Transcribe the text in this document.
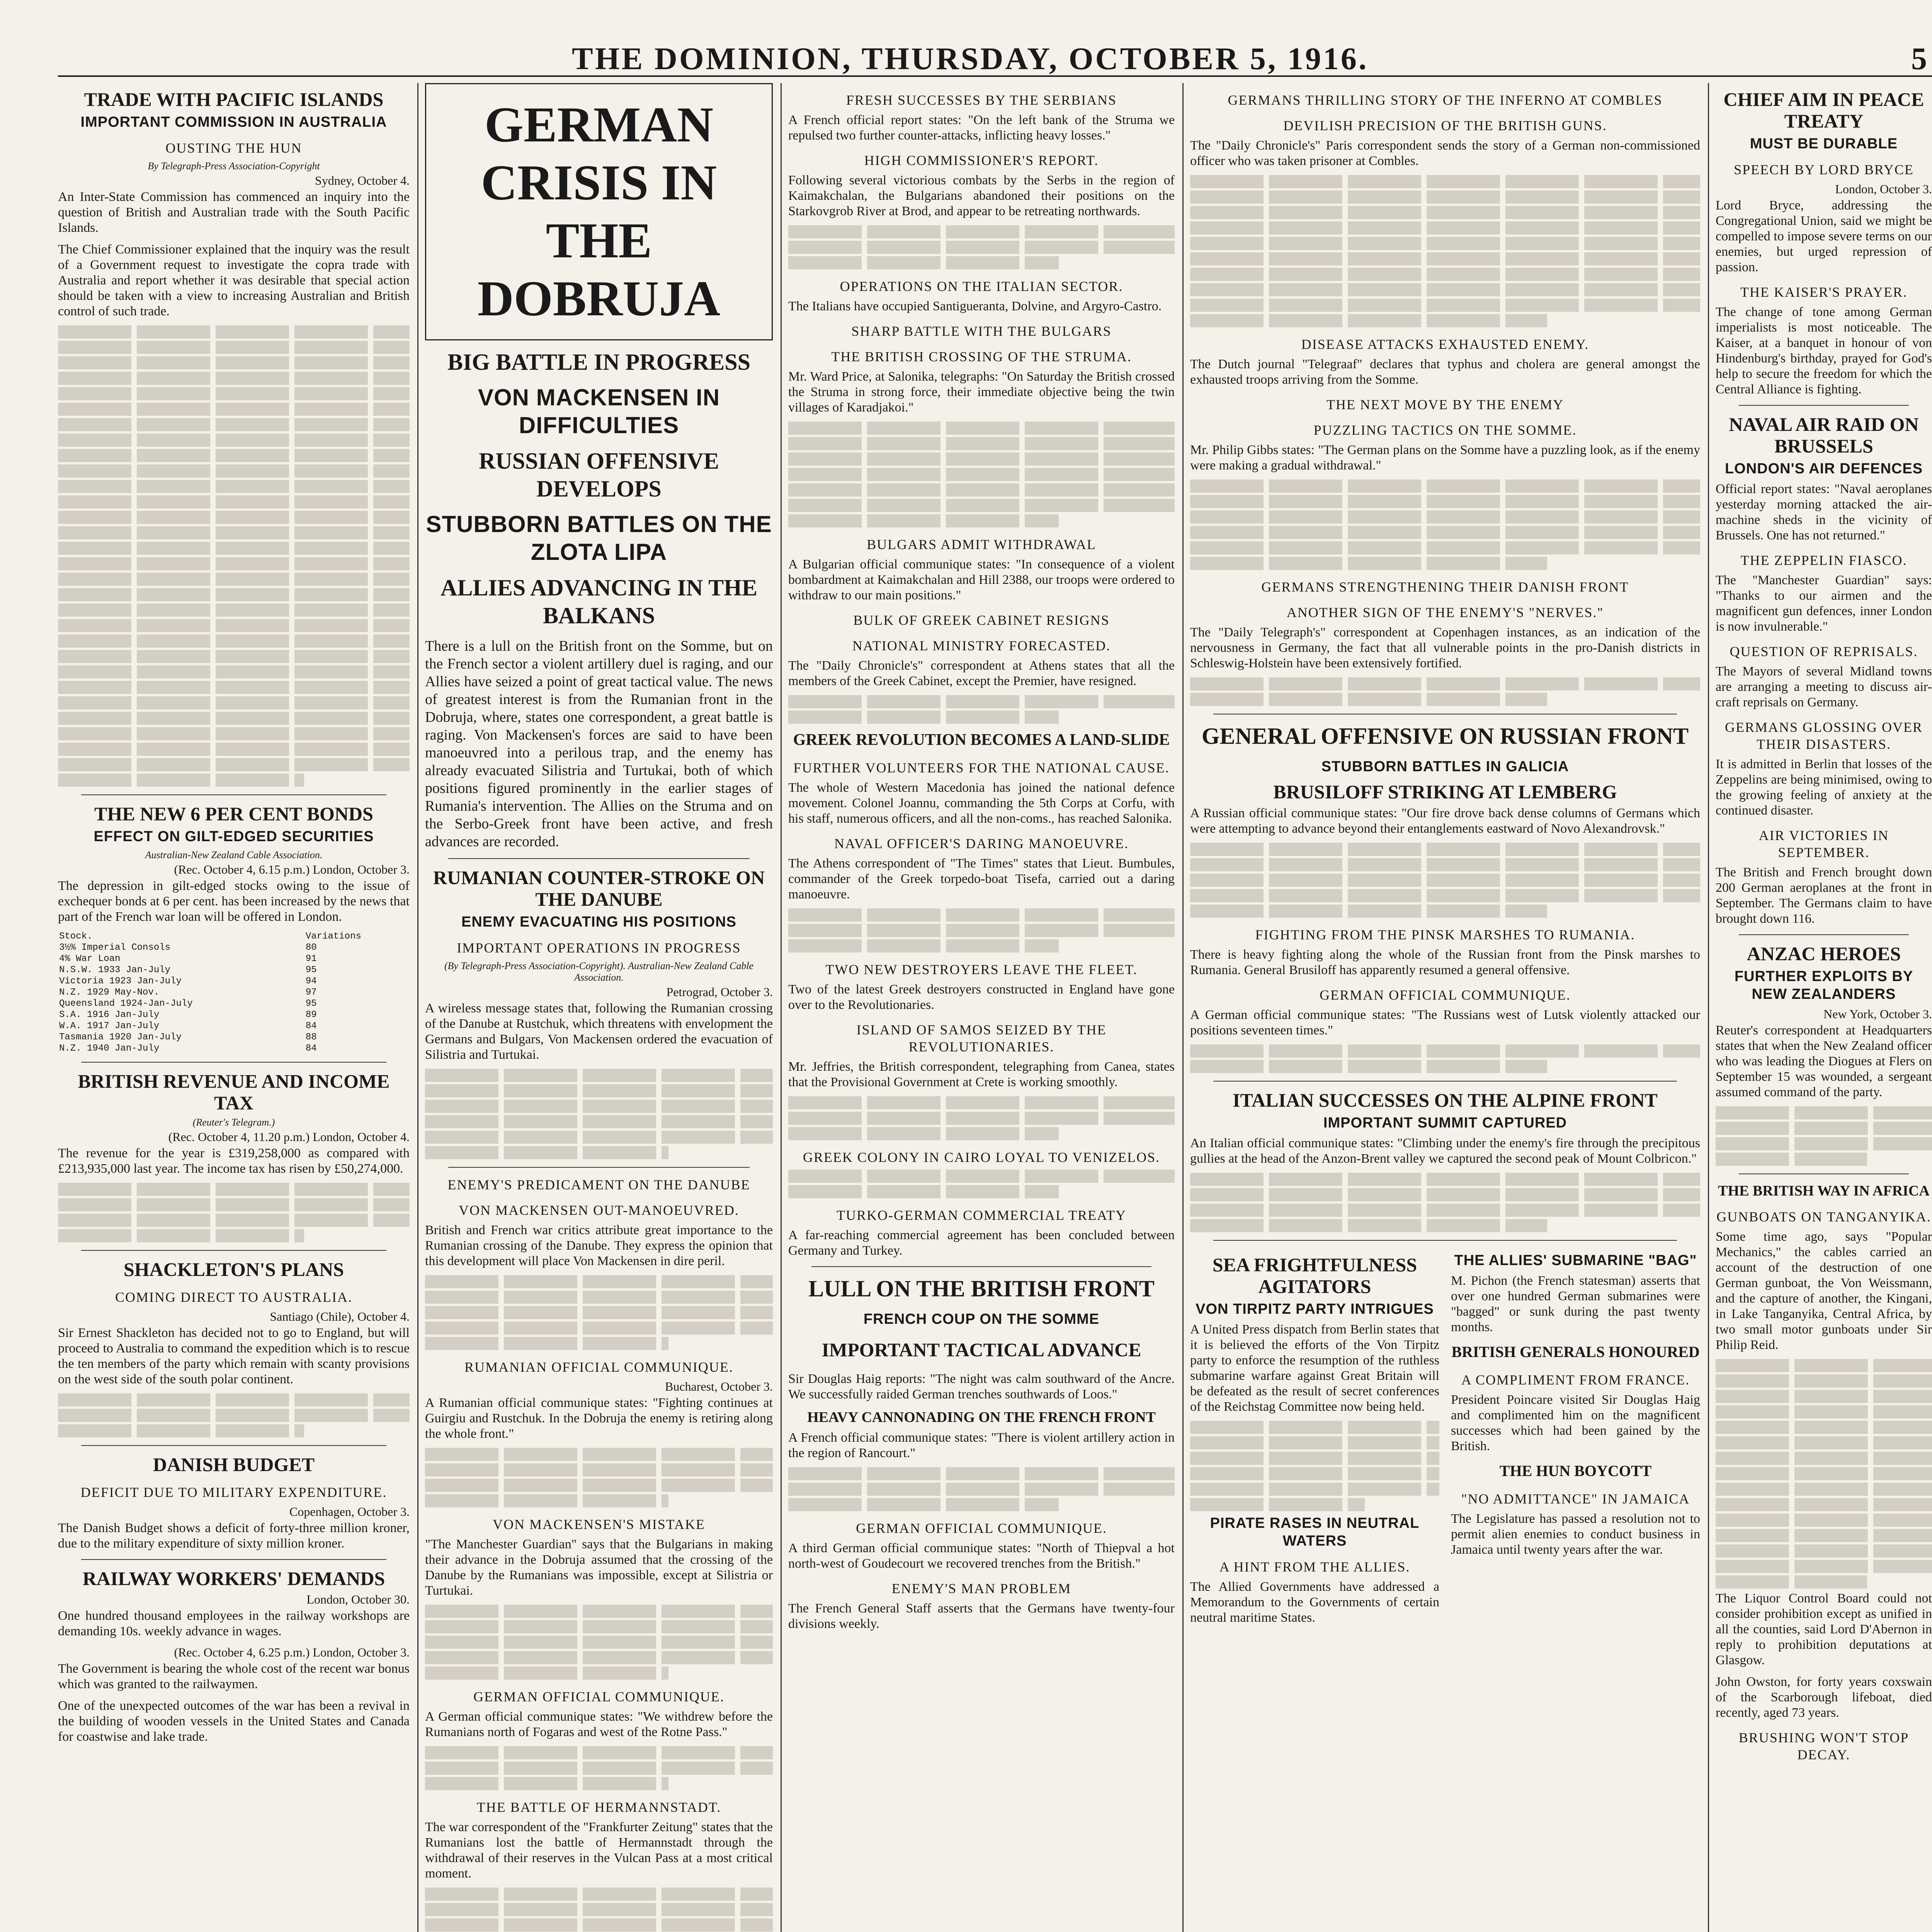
THE DOMINION, THURSDAY, OCTOBER 5, 1916.	5
TRADE WITH PACIFIC ISLANDS
IMPORTANT COMMISSION IN AUSTRALIA
OUSTING THE HUN
By Telegraph-Press Association-Copyright
Sydney, October 4.

An Inter-State Commission has commenced an inquiry into the question of British and Australian trade with the South Pacific Islands.

The Chief Commissioner explained that the inquiry was the result of a Government request to investigate the copra trade with Australia and report whether it was desirable that special action should be taken with a view to increasing Australian and British control of such trade.

THE NEW 6 PER CENT BONDS
EFFECT ON GILT-EDGED SECURITIES
Australian-New Zealand Cable Association.
(Rec. October 4, 6.15 p.m.) London, October 3.

The depression in gilt-edged stocks owing to the issue of exchequer bonds at 6 per cent. has been increased by the news that part of the French war loan will be offered in London.

Stock.	Variations
3½% Imperial Consols	80
4% War Loan	91
N.S.W. 1933 Jan-July	95
Victoria 1923 Jan-July	94
N.Z. 1929 May-Nov.	97
Queensland 1924-Jan-July	95
S.A. 1916 Jan-July	89
W.A. 1917 Jan-July	84
Tasmania 1920 Jan-July	88
N.Z. 1940 Jan-July	84
BRITISH REVENUE AND INCOME TAX
(Reuter's Telegram.)
(Rec. October 4, 11.20 p.m.) London, October 4.

The revenue for the year is £319,258,000 as compared with £213,935,000 last year. The income tax has risen by £50,274,000.

SHACKLETON'S PLANS
COMING DIRECT TO AUSTRALIA.
Santiago (Chile), October 4.

Sir Ernest Shackleton has decided not to go to England, but will proceed to Australia to command the expedition which is to rescue the ten members of the party which remain with scanty provisions on the west side of the south polar continent.

DANISH BUDGET
DEFICIT DUE TO MILITARY EXPENDITURE.
Copenhagen, October 3.

The Danish Budget shows a deficit of forty-three million kroner, due to the military expenditure of sixty million kroner.

RAILWAY WORKERS' DEMANDS
London, October 30.

One hundred thousand employees in the railway workshops are demanding 10s. weekly advance in wages.

(Rec. October 4, 6.25 p.m.) London, October 3.

The Government is bearing the whole cost of the recent war bonus which was granted to the railwaymen.

One of the unexpected outcomes of the war has been a revival in the building of wooden vessels in the United States and Canada for coastwise and lake trade.

GERMAN CRISIS IN THE DOBRUJA
BIG BATTLE IN PROGRESS
VON MACKENSEN IN DIFFICULTIES
RUSSIAN OFFENSIVE DEVELOPS
STUBBORN BATTLES ON THE ZLOTA LIPA
ALLIES ADVANCING IN THE BALKANS

There is a lull on the British front on the Somme, but on the French sector a violent artillery duel is raging, and our Allies have seized a point of great tactical value. The news of greatest interest is from the Rumanian front in the Dobruja, where, states one correspondent, a great battle is raging. Von Mackensen's forces are said to have been manoeuvred into a perilous trap, and the enemy has already evacuated Silistria and Turtukai, both of which positions figured prominently in the earlier stages of Rumania's intervention. The Allies on the Struma and on the Serbo-Greek front have been active, and fresh advances are recorded.

RUMANIAN COUNTER-STROKE ON THE DANUBE
ENEMY EVACUATING HIS POSITIONS
IMPORTANT OPERATIONS IN PROGRESS
(By Telegraph-Press Association-Copyright). Australian-New Zealand Cable Association.
Petrograd, October 3.

A wireless message states that, following the Rumanian crossing of the Danube at Rustchuk, which threatens with envelopment the Germans and Bulgars, Von Mackensen ordered the evacuation of Silistria and Turtukai.

ENEMY'S PREDICAMENT ON THE DANUBE
VON MACKENSEN OUT-MANOEUVRED.

British and French war critics attribute great importance to the Rumanian crossing of the Danube. They express the opinion that this development will place Von Mackensen in dire peril.

RUMANIAN OFFICIAL COMMUNIQUE.
Bucharest, October 3.

A Rumanian official communique states: "Fighting continues at Guirgiu and Rustchuk. In the Dobruja the enemy is retiring along the whole front."

VON MACKENSEN'S MISTAKE

"The Manchester Guardian" says that the Bulgarians in making their advance in the Dobruja assumed that the crossing of the Danube by the Rumanians was impossible, except at Silistria or Turtukai.

GERMAN OFFICIAL COMMUNIQUE.

A German official communique states: "We withdrew before the Rumanians north of Fogaras and west of the Rotne Pass."

THE BATTLE OF HERMANNSTADT.

The war correspondent of the "Frankfurter Zeitung" states that the Rumanians lost the battle of Hermannstadt through the withdrawal of their reserves in the Vulcan Pass at a most critical moment.

FRESH SUCCESSES BY THE SERBIANS

A French official report states: "On the left bank of the Struma we repulsed two further counter-attacks, inflicting heavy losses."

HIGH COMMISSIONER'S REPORT.

Following several victorious combats by the Serbs in the region of Kaimakchalan, the Bulgarians abandoned their positions on the Starkovgrob River at Brod, and appear to be retreating northwards.

OPERATIONS ON THE ITALIAN SECTOR.

The Italians have occupied Santigueranta, Dolvine, and Argyro-Castro.

SHARP BATTLE WITH THE BULGARS
THE BRITISH CROSSING OF THE STRUMA.

Mr. Ward Price, at Salonika, telegraphs: "On Saturday the British crossed the Struma in strong force, their immediate objective being the twin villages of Karadjakoi."

BULGARS ADMIT WITHDRAWAL

A Bulgarian official communique states: "In consequence of a violent bombardment at Kaimakchalan and Hill 2388, our troops were ordered to withdraw to our main positions."

BULK OF GREEK CABINET RESIGNS
NATIONAL MINISTRY FORECASTED.

The "Daily Chronicle's" correspondent at Athens states that all the members of the Greek Cabinet, except the Premier, have resigned.

GREEK REVOLUTION BECOMES A LAND-SLIDE
FURTHER VOLUNTEERS FOR THE NATIONAL CAUSE.

The whole of Western Macedonia has joined the national defence movement. Colonel Joannu, commanding the 5th Corps at Corfu, with his staff, numerous officers, and all the non-coms., has reached Salonika.

NAVAL OFFICER'S DARING MANOEUVRE.

The Athens correspondent of "The Times" states that Lieut. Bumbules, commander of the Greek torpedo-boat Tisefa, carried out a daring manoeuvre.

TWO NEW DESTROYERS LEAVE THE FLEET.

Two of the latest Greek destroyers constructed in England have gone over to the Revolutionaries.

ISLAND OF SAMOS SEIZED BY THE REVOLUTIONARIES.

Mr. Jeffries, the British correspondent, telegraphing from Canea, states that the Provisional Government at Crete is working smoothly.

GREEK COLONY IN CAIRO LOYAL TO VENIZELOS.
TURKO-GERMAN COMMERCIAL TREATY

A far-reaching commercial agreement has been concluded between Germany and Turkey.

LULL ON THE BRITISH FRONT
FRENCH COUP ON THE SOMME
IMPORTANT TACTICAL ADVANCE

Sir Douglas Haig reports: "The night was calm southward of the Ancre. We successfully raided German trenches southwards of Loos."

HEAVY CANNONADING ON THE FRENCH FRONT

A French official communique states: "There is violent artillery action in the region of Rancourt."

GERMAN OFFICIAL COMMUNIQUE.

A third German official communique states: "North of Thiepval a hot north-west of Goudecourt we recovered trenches from the British."

ENEMY'S MAN PROBLEM

The French General Staff asserts that the Germans have twenty-four divisions weekly.

GERMANS THRILLING STORY OF THE INFERNO AT COMBLES
DEVILISH PRECISION OF THE BRITISH GUNS.

The "Daily Chronicle's" Paris correspondent sends the story of a German non-commissioned officer who was taken prisoner at Combles.

DISEASE ATTACKS EXHAUSTED ENEMY.

The Dutch journal "Telegraaf" declares that typhus and cholera are general amongst the exhausted troops arriving from the Somme.

THE NEXT MOVE BY THE ENEMY
PUZZLING TACTICS ON THE SOMME.

Mr. Philip Gibbs states: "The German plans on the Somme have a puzzling look, as if the enemy were making a gradual withdrawal."

GERMANS STRENGTHENING THEIR DANISH FRONT
ANOTHER SIGN OF THE ENEMY'S "NERVES."

The "Daily Telegraph's" correspondent at Copenhagen instances, as an indication of the nervousness in Germany, the fact that all vulnerable points in the pro-Danish districts in Schleswig-Holstein have been extensively fortified.

GENERAL OFFENSIVE ON RUSSIAN FRONT
STUBBORN BATTLES IN GALICIA
BRUSILOFF STRIKING AT LEMBERG

A Russian official communique states: "Our fire drove back dense columns of Germans which were attempting to advance beyond their entanglements eastward of Novo Alexandrovsk."

FIGHTING FROM THE PINSK MARSHES TO RUMANIA.

There is heavy fighting along the whole of the Russian front from the Pinsk marshes to Rumania. General Brusiloff has apparently resumed a general offensive.

GERMAN OFFICIAL COMMUNIQUE.

A German official communique states: "The Russians west of Lutsk violently attacked our positions seventeen times."

ITALIAN SUCCESSES ON THE ALPINE FRONT
IMPORTANT SUMMIT CAPTURED

An Italian official communique states: "Climbing under the enemy's fire through the precipitous gullies at the head of the Anzon-Brent valley we captured the second peak of Mount Colbricon."

SEA FRIGHTFULNESS AGITATORS
VON TIRPITZ PARTY INTRIGUES

A United Press dispatch from Berlin states that it is believed the efforts of the Von Tirpitz party to enforce the resumption of the ruthless submarine warfare against Great Britain will be defeated as the result of secret conferences of the Reichstag Committee now being held.

PIRATE RASES IN NEUTRAL WATERS
A HINT FROM THE ALLIES.

The Allied Governments have addressed a Memorandum to the Governments of certain neutral maritime States.

THE ALLIES' SUBMARINE "BAG"

M. Pichon (the French statesman) asserts that over one hundred German submarines were "bagged" or sunk during the past twenty months.

BRITISH GENERALS HONOURED
A COMPLIMENT FROM FRANCE.

President Poincare visited Sir Douglas Haig and complimented him on the magnificent successes which had been gained by the British.

THE HUN BOYCOTT
"NO ADMITTANCE" IN JAMAICA

The Legislature has passed a resolution not to permit alien enemies to conduct business in Jamaica until twenty years after the war.

CHIEF AIM IN PEACE TREATY
MUST BE DURABLE
SPEECH BY LORD BRYCE
London, October 3.

Lord Bryce, addressing the Congregational Union, said we might be compelled to impose severe terms on our enemies, but urged repression of passion.

THE KAISER'S PRAYER.

The change of tone among German imperialists is most noticeable. The Kaiser, at a banquet in honour of von Hindenburg's birthday, prayed for God's help to secure the freedom for which the Central Alliance is fighting.

NAVAL AIR RAID ON BRUSSELS
LONDON'S AIR DEFENCES

Official report states: "Naval aeroplanes yesterday morning attacked the air-machine sheds in the vicinity of Brussels. One has not returned."

THE ZEPPELIN FIASCO.

The "Manchester Guardian" says: "Thanks to our airmen and the magnificent gun defences, inner London is now invulnerable."

QUESTION OF REPRISALS.

The Mayors of several Midland towns are arranging a meeting to discuss air-craft reprisals on Germany.

GERMANS GLOSSING OVER THEIR DISASTERS.

It is admitted in Berlin that losses of the Zeppelins are being minimised, owing to the growing feeling of anxiety at the continued disaster.

AIR VICTORIES IN SEPTEMBER.

The British and French brought down 200 German aeroplanes at the front in September. The Germans claim to have brought down 116.

ANZAC HEROES
FURTHER EXPLOITS BY NEW ZEALANDERS
New York, October 3.

Reuter's correspondent at Headquarters states that when the New Zealand officer who was leading the Diogues at Flers on September 15 was wounded, a sergeant assumed command of the party.

THE BRITISH WAY IN AFRICA
GUNBOATS ON TANGANYIKA.

Some time ago, says "Popular Mechanics," the cables carried an account of the destruction of one German gunboat, the Von Weissmann, and the capture of another, the Kingani, in Lake Tanganyika, Central Africa, by two small motor gunboats under Sir Philip Reid.

The Liquor Control Board could not consider prohibition except as unified in all the counties, said Lord D'Abernon in reply to prohibition deputations at Glasgow.

John Owston, for forty years coxswain of the Scarborough lifeboat, died recently, aged 73 years.

BRUSHING WON'T STOP DECAY.
